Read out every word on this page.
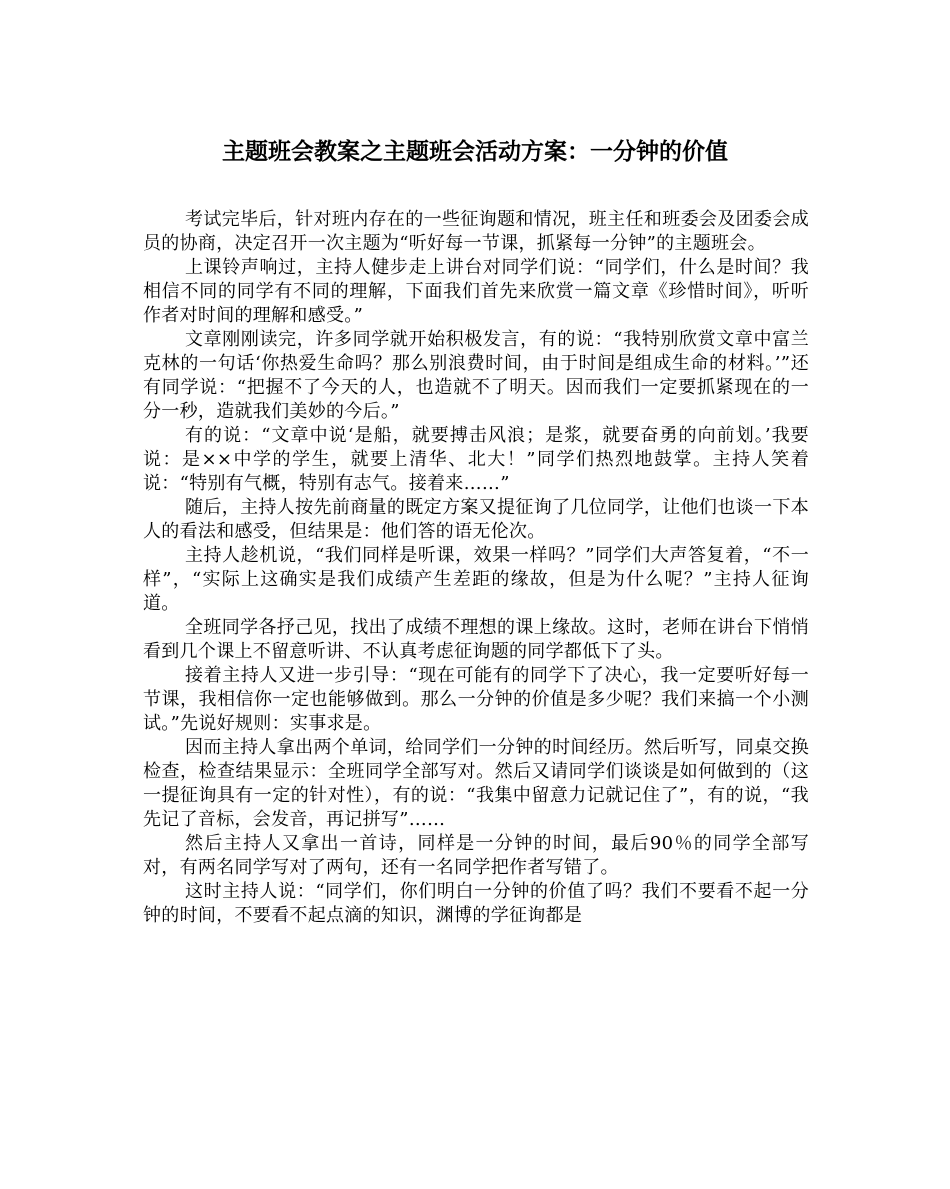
主题班会教案之主题班会活动方案：一分钟的价值

考试完毕后，针对班内存在的一些征询题和情况，班主任和班委会及团委会成员的协商，决定召开一次主题为“听好每一节课，抓紧每一分钟”的主题班会。

上课铃声响过，主持人健步走上讲台对同学们说：“同学们，什么是时间？我相信不同的同学有不同的理解，下面我们首先来欣赏一篇文章《珍惜时间》，听听作者对时间的理解和感受。”

文章刚刚读完，许多同学就开始积极发言，有的说：“我特别欣赏文章中富兰克林的一句话‘你热爱生命吗？那么别浪费时间，由于时间是组成生命的材料。’”还有同学说：“把握不了今天的人，也造就不了明天。因而我们一定要抓紧现在的一分一秒，造就我们美妙的今后。”

有的说：“文章中说‘是船，就要搏击风浪；是浆，就要奋勇的向前划。’我要说：是××中学的学生，就要上清华、北大！”同学们热烈地鼓掌。主持人笑着说：“特别有气概，特别有志气。接着来……”

随后，主持人按先前商量的既定方案又提征询了几位同学，让他们也谈一下本人的看法和感受，但结果是：他们答的语无伦次。

主持人趁机说，“我们同样是听课，效果一样吗？”同学们大声答复着，“不一样”，“实际上这确实是我们成绩产生差距的缘故，但是为什么呢？”主持人征询道。

全班同学各抒己见，找出了成绩不理想的课上缘故。这时，老师在讲台下悄悄看到几个课上不留意听讲、不认真考虑征询题的同学都低下了头。

接着主持人又进一步引导：“现在可能有的同学下了决心，我一定要听好每一节课，我相信你一定也能够做到。那么一分钟的价值是多少呢？我们来搞一个小测试。”先说好规则：实事求是。

因而主持人拿出两个单词，给同学们一分钟的时间经历。然后听写，同桌交换检查，检查结果显示：全班同学全部写对。然后又请同学们谈谈是如何做到的（这一提征询具有一定的针对性），有的说：“我集中留意力记就记住了”，有的说，“我先记了音标，会发音，再记拼写”……

然后主持人又拿出一首诗，同样是一分钟的时间，最后90％的同学全部写对，有两名同学写对了两句，还有一名同学把作者写错了。

这时主持人说：“同学们，你们明白一分钟的价值了吗？我们不要看不起一分钟的时间，不要看不起点滴的知识，渊博的学征询都是
